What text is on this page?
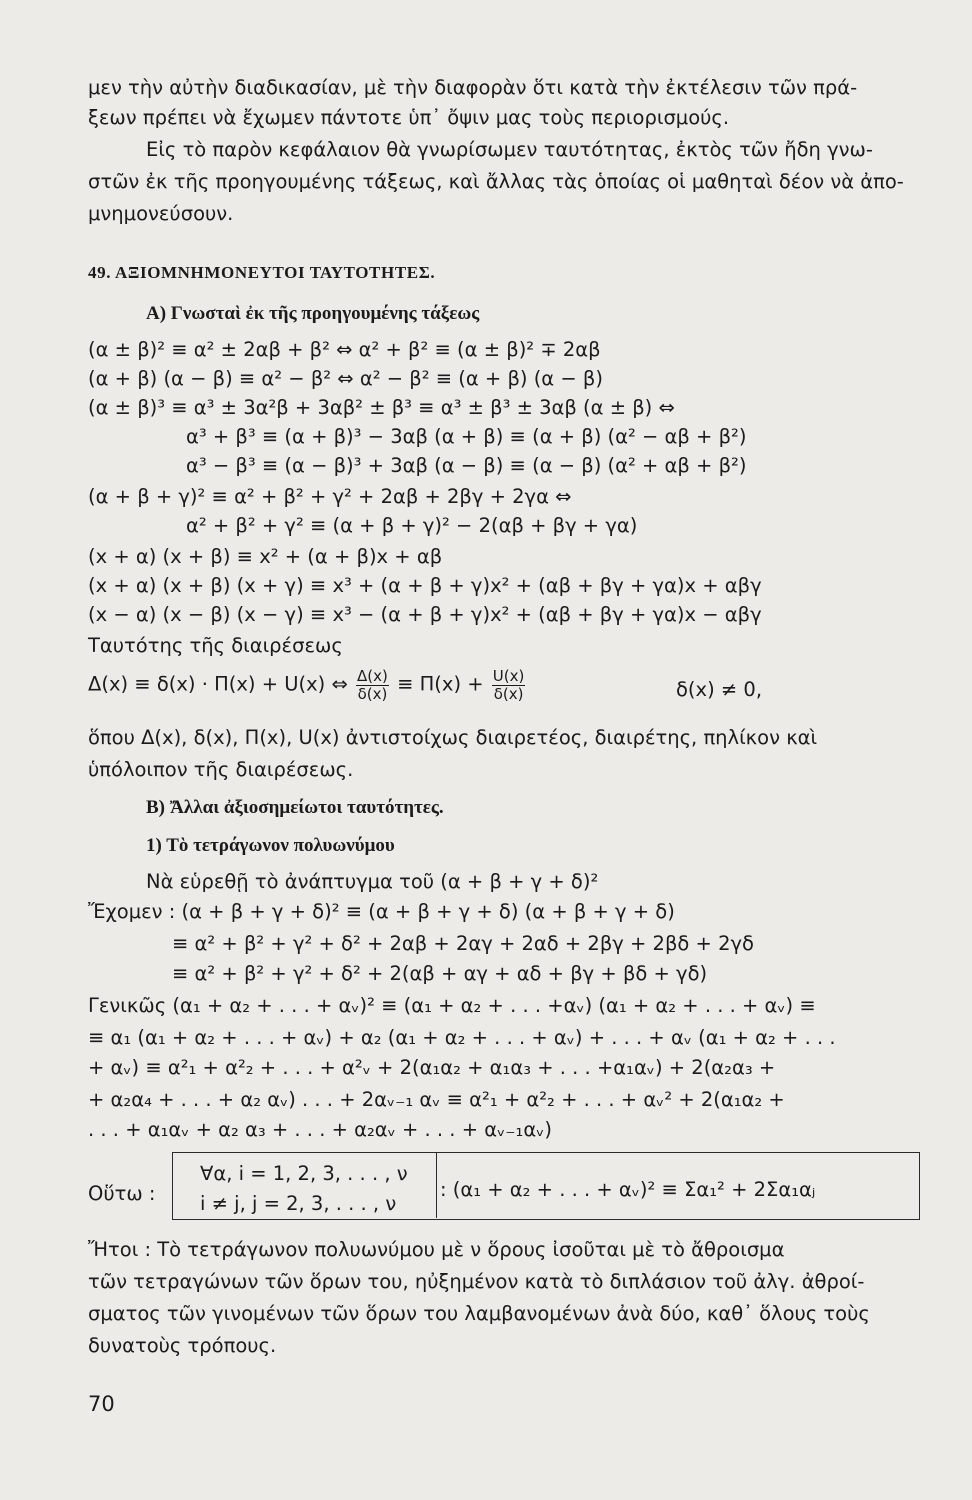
μεν τὴν αὐτὴν διαδικασίαν, μὲ τὴν διαφορὰν ὅτι κατὰ τὴν ἐκτέλεσιν τῶν πρά-
ξεων πρέπει νὰ ἔχωμεν πάντοτε ὑπ᾽ ὄψιν μας τοὺς περιορισμούς.
Εἰς τὸ παρὸν κεφάλαιον θὰ γνωρίσωμεν ταυτότητας, ἐκτὸς τῶν ἤδη γνω-
στῶν ἐκ τῆς προηγουμένης τάξεως, καὶ ἄλλας τὰς ὁποίας οἱ μαθηταὶ δέον νὰ ἀπο-
μνημονεύσουν.
49. ΑΞΙΟΜΝΗΜΟΝΕΥΤΟΙ ΤΑΥΤΟΤΗΤΕΣ.
Α) Γνωσταὶ ἐκ τῆς προηγουμένης τάξεως
(α ± β)² ≡ α² ± 2αβ + β² ⇔ α² + β² ≡ (α ± β)² ∓ 2αβ
(α + β) (α − β) ≡ α² − β² ⇔ α² − β² ≡ (α + β) (α − β)
(α ± β)³ ≡ α³ ± 3α²β + 3αβ² ± β³ ≡ α³ ± β³ ± 3αβ (α ± β) ⇔
α³ + β³ ≡ (α + β)³ − 3αβ (α + β) ≡ (α + β) (α² − αβ + β²)
α³ − β³ ≡ (α − β)³ + 3αβ (α − β) ≡ (α − β) (α² + αβ + β²)
(α + β + γ)² ≡ α² + β² + γ² + 2αβ + 2βγ + 2γα ⇔
α² + β² + γ² ≡ (α + β + γ)² − 2(αβ + βγ + γα)
(x + α) (x + β) ≡ x² + (α + β)x + αβ
(x + α) (x + β) (x + γ) ≡ x³ + (α + β + γ)x² + (αβ + βγ + γα)x + αβγ
(x − α) (x − β) (x − γ) ≡ x³ − (α + β + γ)x² + (αβ + βγ + γα)x − αβγ
Ταυτότης τῆς διαιρέσεως
Δ(x) ≡ δ(x) · Π(x) + U(x) ⇔ $\frac{\Delta(x)}{\delta(x)} \equiv \Pi(x) + \frac{U(x)}{\delta(x)}$	δ(x) ≠ 0,
ὅπου Δ(x), δ(x), Π(x), U(x) ἀντιστοίχως διαιρετέος, διαιρέτης, πηλίκον καὶ
ὑπόλοιπον τῆς διαιρέσεως.
Β) Ἄλλαι ἀξιοσημείωτοι ταυτότητες.
1) Τὸ τετράγωνον πολυωνύμου
Νὰ εὑρεθῇ τὸ ἀνάπτυγμα τοῦ (α + β + γ + δ)²
Ἔχομεν : (α + β + γ + δ)² ≡ (α + β + γ + δ) (α + β + γ + δ)
≡ α² + β² + γ² + δ² + 2αβ + 2αγ + 2αδ + 2βγ + 2βδ + 2γδ
≡ α² + β² + γ² + δ² + 2(αβ + αγ + αδ + βγ + βδ + γδ)
Γενικῶς (α₁ + α₂ + . . . + αᵥ)² ≡ (α₁ + α₂ + . . . +αᵥ) (α₁ + α₂ + . . . + αᵥ) ≡
≡ α₁ (α₁ + α₂ + . . . + αᵥ) + α₂ (α₁ + α₂ + . . . + αᵥ) + . . . + αᵥ (α₁ + α₂ + . . .
+ αᵥ) ≡ α²₁ + α²₂ + . . . + α²ᵥ + 2(α₁α₂ + α₁α₃ + . . . +α₁αᵥ) + 2(α₂α₃ +
+ α₂α₄ + . . . + α₂ αᵥ) . . . + 2αᵥ₋₁ αᵥ ≡ α²₁ + α²₂ + . . . + αᵥ² + 2(α₁α₂ +
. . . + α₁αᵥ + α₂ α₃ + . . . + α₂αᵥ + . . . + αᵥ₋₁αᵥ)
Οὕτω :
∀α, i = 1, 2, 3, . . . , ν
i ≠ j, j = 2, 3, . . . , ν
: (α₁ + α₂ + . . . + αᵥ)² ≡ Σα₁² + 2Σα₁αⱼ
Ἤτοι : Τὸ τετράγωνον πολυωνύμου μὲ ν ὅρους ἰσοῦται μὲ τὸ ἄθροισμα
τῶν τετραγώνων τῶν ὅρων του, ηὐξημένον κατὰ τὸ διπλάσιον τοῦ ἀλγ. ἀθροί-
σματος τῶν γινομένων τῶν ὅρων του λαμβανομένων ἀνὰ δύο, καθ᾽ ὅλους τοὺς
δυνατοὺς τρόπους.
70
